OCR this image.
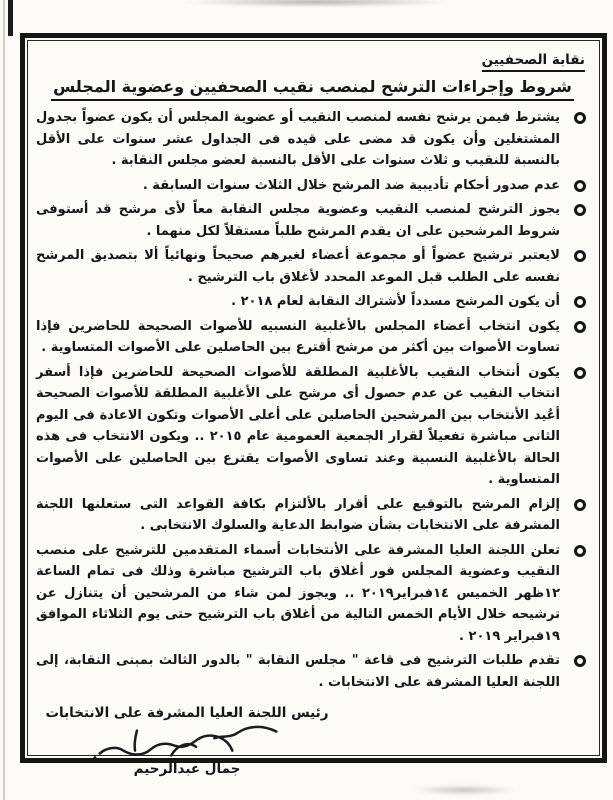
نقابة الصحفيين
شروط وإجراءات الترشح لمنصب نقيب الصحفيين وعضوية المجلس
يشترط فيمن يرشح نفسه لمنصب النقيب أو عضوية المجلس أن يكون عضواً بجدول المشتغلين وأن يكون قد مضى على قيده فى الجداول عشر سنوات على الأقل بالنسبة للنقيب و ثلاث سنوات على الأقل بالنسبة لعضو مجلس النقابة .
عدم صدور أحكام تأديبية ضد المرشح خلال الثلاث سنوات السابقة .
يجوز الترشح لمنصب النقيب وعضوية مجلس النقابة معاً لأى مرشح قد أستوفى شروط المرشحين على ان يقدم المرشح طلباً مستقلاً لكل منهما .
لايعتبر ترشيح عضواً أو مجموعة أعضاء لغيرهم صحيحاً ونهائياً ألا بتصديق المرشح نفسه على الطلب قبل الموعد المحدد لأغلاق باب الترشيح .
أن يكون المرشح مسدداً لأشتراك النقابة لعام ٢٠١٨ .
يكون انتخاب أعضاء المجلس بالأغلبية النسبيه للأصوات الصحيحة للحاضرين فإذا تساوت الأصوات بين أكثر من مرشح أقترع بين الحاصلين على الأصوات المتساوية .
يكون أنتخاب النقيب بالأغلبية المطلقة للأصوات الصحيحة للحاضرين فإذا أسفر انتخاب النقيب عن عدم حصول أى مرشح على الأغلبية المطلقة للأصوات الصحيحة أعُيد الأنتخاب بين المرشحين الحاصلين على أعلى الأصوات وتكون الاعادة فى اليوم الثانى مباشرة تفعيلاً لقرار الجمعية العمومية عام ٢٠١٥ .. ويكون الانتخاب فى هذه الحالة بالأغلبية النسبية وعند تساوى الأصوات يقترع بين الحاصلين على الأصوات المتساوية .
إلزام المرشح بالتوقيع على أقرار بالألتزام بكافة القواعد التى ستعلنها اللجنة المشرفة على الانتخابات بشأن ضوابط الدعاية والسلوك الانتخابى .
تعلن اللجنة العليا المشرفة على الأنتخابات أسماء المتقدمين للترشيح على منصب النقيب وعضوية المجلس فور أغلاق باب الترشيح مباشرة وذلك فى تمام الساعة ١٢ظهر الخميس ١٤فبراير٢٠١٩ .. ويجوز لمن شاء من المرشحين أن يتنازل عن ترشيحه خلال الأيام الخمس التالية من أغلاق باب الترشيح حتى يوم الثلاثاء الموافق ١٩فبراير ٢٠١٩ .
تقدم طلبات الترشيح فى قاعة " مجلس النقابة " بالدور الثالث بمبنى النقابة، إلى اللجنة العليا المشرفة على الانتخابات .
رئيس اللجنة العليا المشرفة على الانتخابات
جمال عبدالرحيم
